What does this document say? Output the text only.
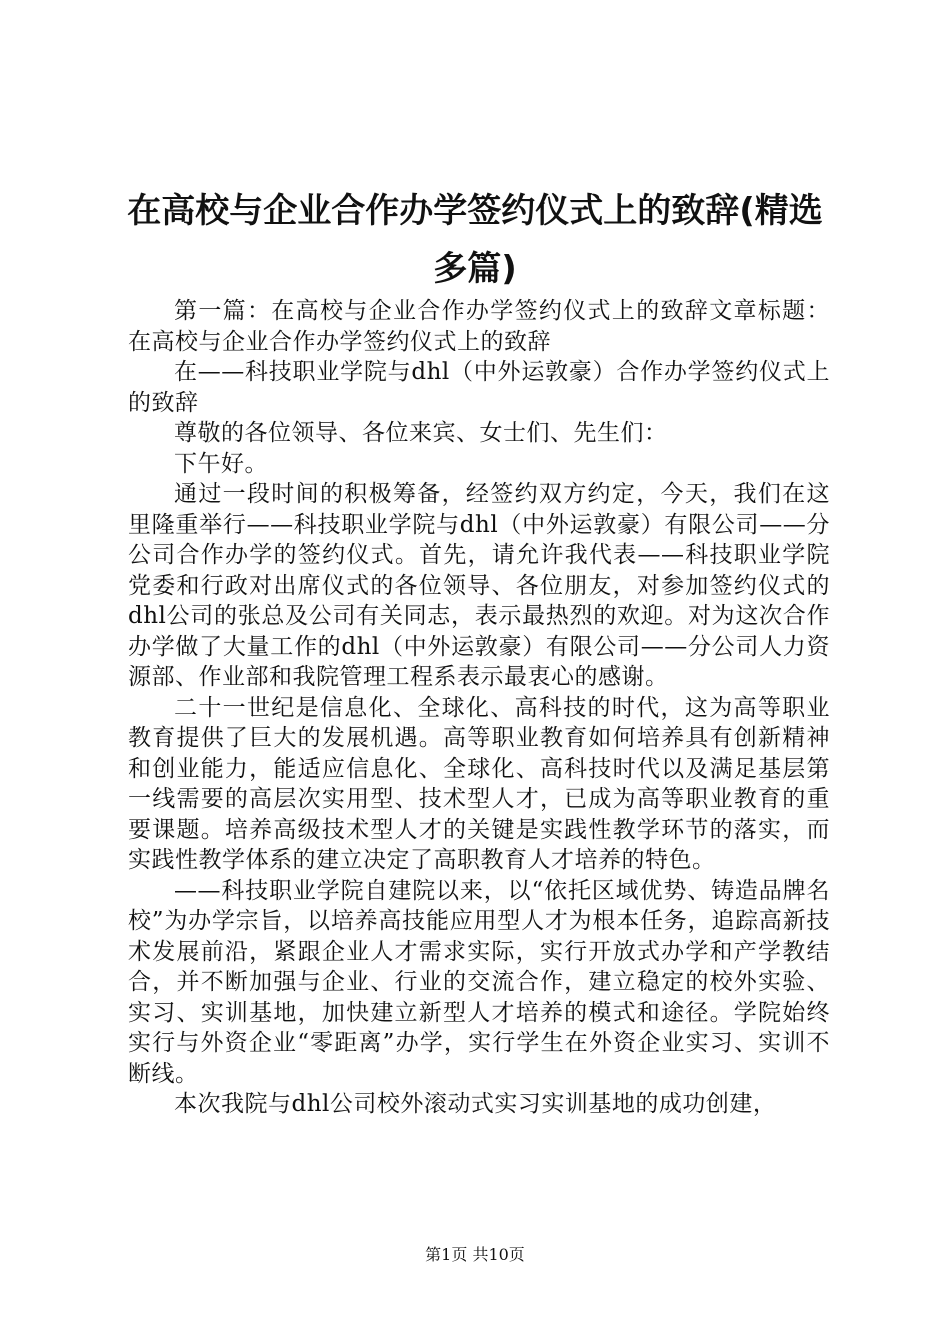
在高校与企业合作办学签约仪式上的致辞(精选多篇)

第一篇：在高校与企业合作办学签约仪式上的致辞文章标题：在高校与企业合作办学签约仪式上的致辞

在——科技职业学院与dhl（中外运敦豪）合作办学签约仪式上的致辞

尊敬的各位领导、各位来宾、女士们、先生们：

下午好。

通过一段时间的积极筹备，经签约双方约定，今天，我们在这里隆重举行——科技职业学院与dhl（中外运敦豪）有限公司——分公司合作办学的签约仪式。首先，请允许我代表——科技职业学院党委和行政对出席仪式的各位领导、各位朋友，对参加签约仪式的dhl公司的张总及公司有关同志，表示最热烈的欢迎。对为这次合作办学做了大量工作的dhl（中外运敦豪）有限公司——分公司人力资源部、作业部和我院管理工程系表示最衷心的感谢。

二十一世纪是信息化、全球化、高科技的时代，这为高等职业教育提供了巨大的发展机遇。高等职业教育如何培养具有创新精神和创业能力，能适应信息化、全球化、高科技时代以及满足基层第一线需要的高层次实用型、技术型人才，已成为高等职业教育的重要课题。培养高级技术型人才的关键是实践性教学环节的落实，而实践性教学体系的建立决定了高职教育人才培养的特色。

——科技职业学院自建院以来，以“依托区域优势、铸造品牌名校”为办学宗旨，以培养高技能应用型人才为根本任务，追踪高新技术发展前沿，紧跟企业人才需求实际，实行开放式办学和产学教结合，并不断加强与企业、行业的交流合作，建立稳定的校外实验、实习、实训基地，加快建立新型人才培养的模式和途径。学院始终实行与外资企业“零距离”办学，实行学生在外资企业实习、实训不断线。

本次我院与dhl公司校外滚动式实习实训基地的成功创建，

第1页 共10页
